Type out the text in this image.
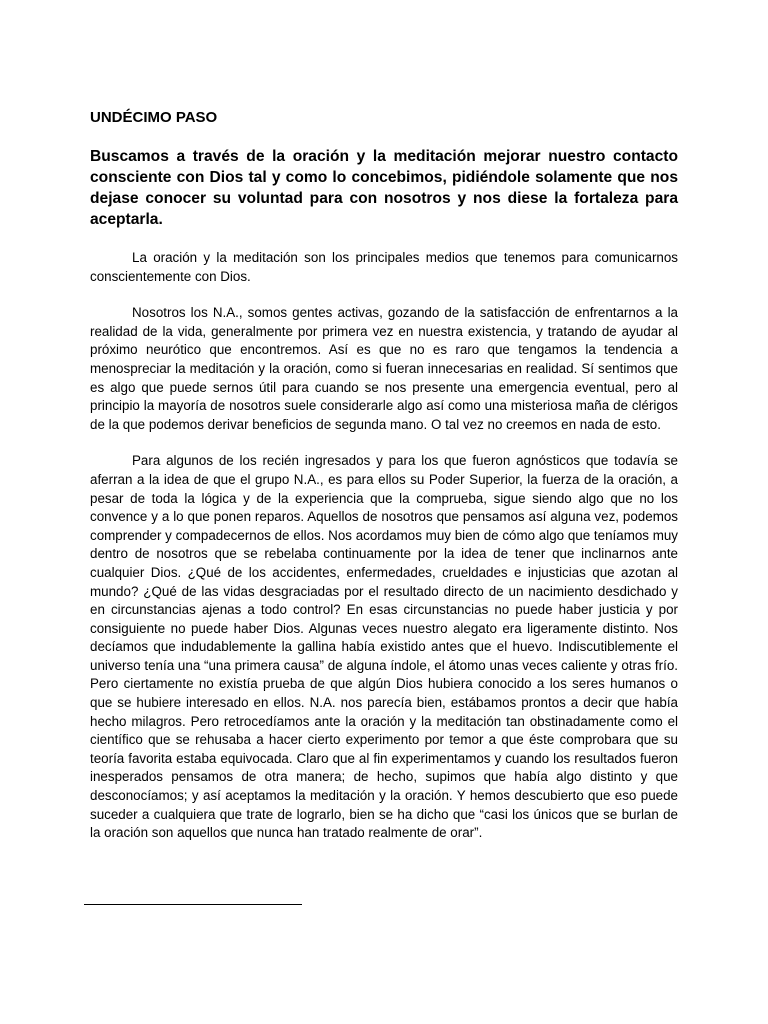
UNDÉCIMO PASO

Buscamos a través de la oración y la meditación mejorar nuestro contacto consciente con Dios tal y como lo concebimos, pidiéndole solamente que nos dejase conocer su voluntad para con nosotros y nos diese la fortaleza para aceptarla.

La oración y la meditación son los principales medios que tenemos para comunicarnos conscientemente con Dios.

Nosotros los N.A., somos gentes activas, gozando de la satisfacción de enfrentarnos a la realidad de la vida, generalmente por primera vez en nuestra existencia, y tratando de ayudar al próximo neurótico que encontremos. Así es que no es raro que tengamos la tendencia a menospreciar la meditación y la oración, como si fueran innecesarias en realidad. Sí sentimos que es algo que puede sernos útil para cuando se nos presente una emergencia eventual, pero al principio la mayoría de nosotros suele considerarle algo así como una misteriosa maña de clérigos de la que podemos derivar beneficios de segunda mano. O tal vez no creemos en nada de esto.

Para algunos de los recién ingresados y para los que fueron agnósticos que todavía se aferran a la idea de que el grupo N.A., es para ellos su Poder Superior, la fuerza de la oración, a pesar de toda la lógica y de la experiencia que la comprueba, sigue siendo algo que no los convence y a lo que ponen reparos. Aquellos de nosotros que pensamos así alguna vez, podemos comprender y compadecernos de ellos. Nos acordamos muy bien de cómo algo que teníamos muy dentro de nosotros que se rebelaba continuamente por la idea de tener que inclinarnos ante cualquier Dios. ¿Qué de los accidentes, enfermedades, crueldades e injusticias que azotan al mundo? ¿Qué de las vidas desgraciadas por el resultado directo de un nacimiento desdichado y en circunstancias ajenas a todo control? En esas circunstancias no puede haber justicia y por consiguiente no puede haber Dios. Algunas veces nuestro alegato era ligeramente distinto. Nos decíamos que indudablemente la gallina había existido antes que el huevo. Indiscutiblemente el universo tenía una “una primera causa” de alguna índole, el átomo unas veces caliente y otras frío. Pero ciertamente no existía prueba de que algún Dios hubiera conocido a los seres humanos o que se hubiere interesado en ellos. N.A. nos parecía bien, estábamos prontos a decir que había hecho milagros. Pero retrocedíamos ante la oración y la meditación tan obstinadamente como el científico que se rehusaba a hacer cierto experimento por temor a que éste comprobara que su teoría favorita estaba equivocada. Claro que al fin experimentamos y cuando los resultados fueron inesperados pensamos de otra manera; de hecho, supimos que había algo distinto y que desconocíamos; y así aceptamos la meditación y la oración. Y hemos descubierto que eso puede suceder a cualquiera que trate de lograrlo, bien se ha dicho que “casi los únicos que se burlan de la oración son aquellos que nunca han tratado realmente de orar”.
